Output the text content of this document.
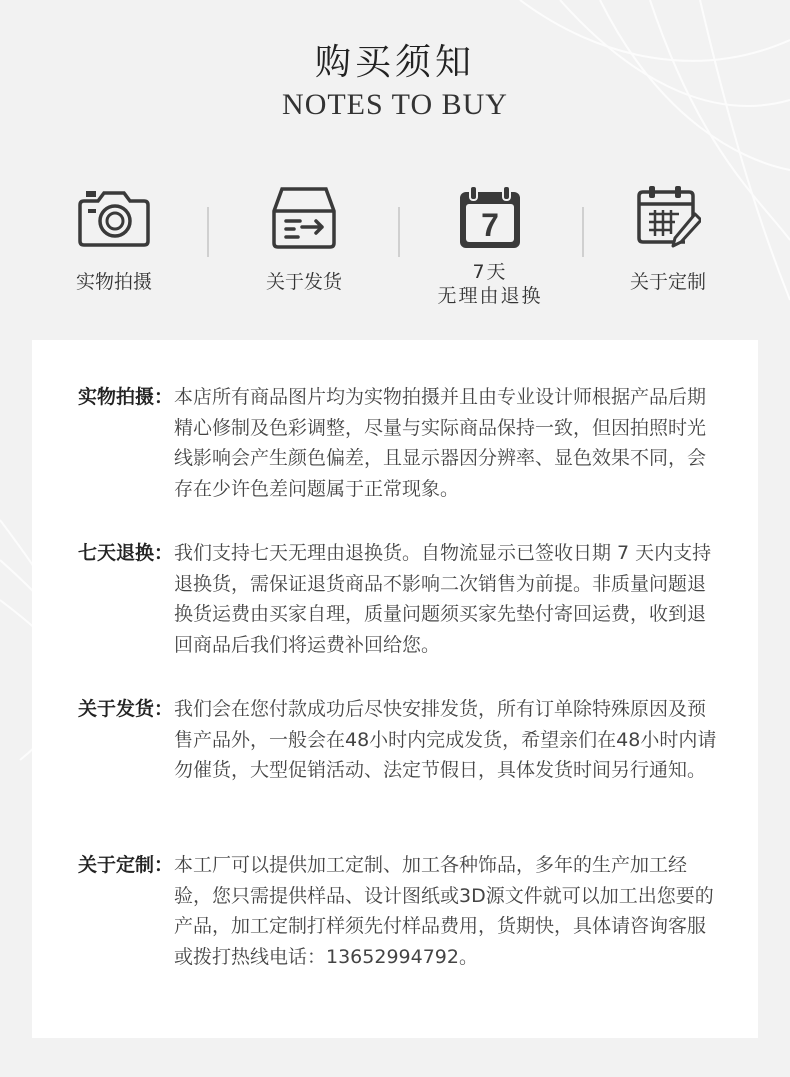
购买须知
NOTES TO BUY
实物拍摄	关于发货
7
7天
无理由退换
关于定制
实物拍摄： 本店所有商品图片均为实物拍摄并且由专业设计师根据产品后期精心修制及色彩调整，尽量与实际商品保持一致，但因拍照时光线影响会产生颜色偏差，且显示器因分辨率、显色效果不同，会存在少许色差问题属于正常现象。
七天退换： 我们支持七天无理由退换货。自物流显示已签收日期 7 天内支持退换货，需保证退货商品不影响二次销售为前提。非质量问题退换货运费由买家自理，质量问题须买家先垫付寄回运费，收到退回商品后我们将运费补回给您。
关于发货： 我们会在您付款成功后尽快安排发货，所有订单除特殊原因及预售产品外，一般会在48小时内完成发货，希望亲们在48小时内请勿催货，大型促销活动、法定节假日，具体发货时间另行通知。
关于定制： 本工厂可以提供加工定制、加工各种饰品，多年的生产加工经验，您只需提供样品、设计图纸或3D源文件就可以加工出您要的产品，加工定制打样须先付样品费用，货期快，具体请咨询客服或拨打热线电话：13652994792。
